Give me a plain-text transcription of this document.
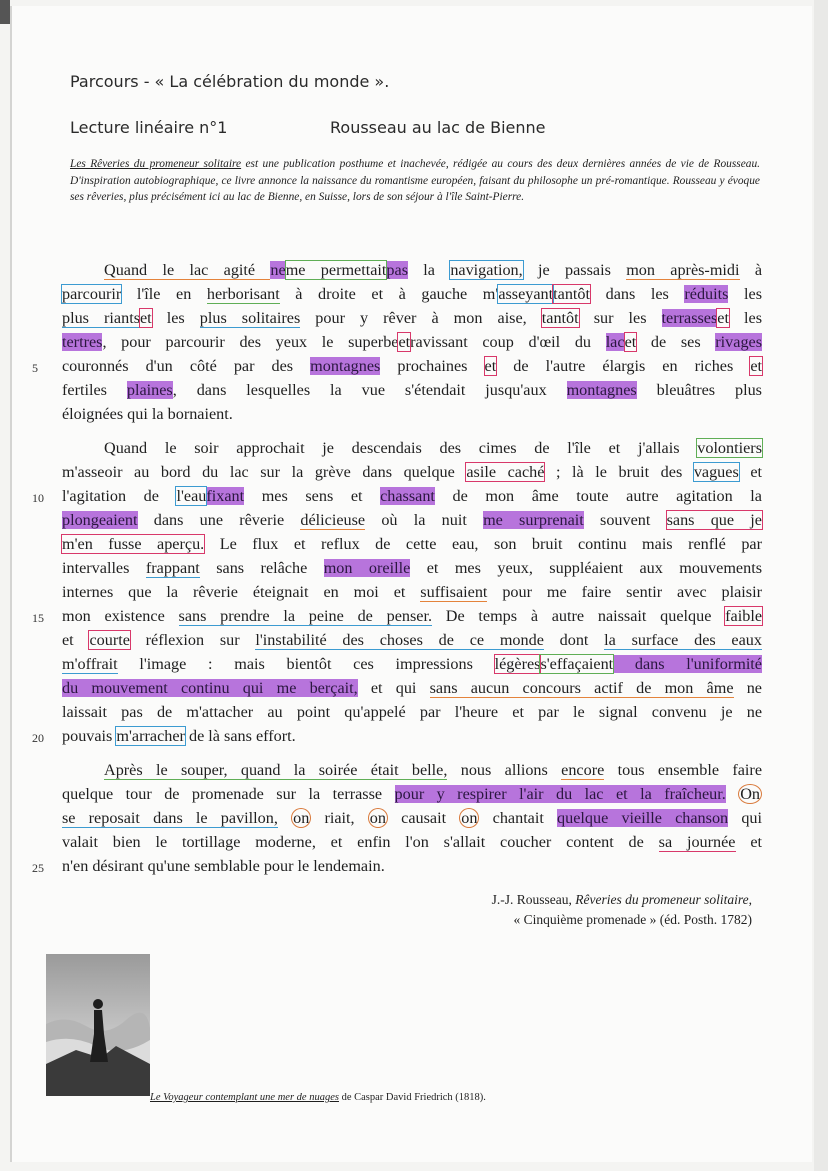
Parcours - « La célébration du monde ».
Lecture linéaire n°1	Rousseau au lac de Bienne
Les Rêveries du promeneur solitaire est une publication posthume et inachevée, rédigée au cours des deux dernières années de vie de Rousseau. D'inspiration autobiographique, ce livre annonce la naissance du romantisme européen, faisant du philosophe un pré-romantique. Rousseau y évoque ses rêveries, plus précisément ici au lac de Bienne, en Suisse, lors de son séjour à l'île Saint-Pierre.
Quand le lac agité neme permettaitpas la navigation, je passais mon après-midi à
parcourir l'île en herborisant à droite et à gauche m'asseyanttantôt dans les réduits les
plus riantset les plus solitaires pour y rêver à mon aise, tantôt sur les terrasseset les
tertres, pour parcourir des yeux le superbeetravissant coup d'œil du lacet de ses rivages
5 couronnés d'un côté par des montagnes prochaines et de l'autre élargis en riches et
fertiles plaines, dans lesquelles la vue s'étendait jusqu'aux montagnes bleuâtres plus
éloignées qui la bornaient.
Quand le soir approchait je descendais des cimes de l'île et j'allais volontiers
m'asseoir au bord du lac sur la grève dans quelque asile caché ; là le bruit des vagues et
10 l'agitation de l'eaufixant mes sens et chassant de mon âme toute autre agitation la
plongeaient dans une rêverie délicieuse où la nuit me surprenait souvent sans que je
m'en fusse aperçu. Le flux et reflux de cette eau, son bruit continu mais renflé par
intervalles frappant sans relâche mon oreille et mes yeux, suppléaient aux mouvements
internes que la rêverie éteignait en moi et suffisaient pour me faire sentir avec plaisir
15 mon existence sans prendre la peine de penser. De temps à autre naissait quelque faible
et courte réflexion sur l'instabilité des choses de ce monde dont la surface des eaux
m'offrait l'image : mais bientôt ces impressions légèress'effaçaient dans l'uniformité
du mouvement continu qui me berçait, et qui sans aucun concours actif de mon âme ne
laissait pas de m'attacher au point qu'appelé par l'heure et par le signal convenu je ne
20 pouvais m'arracher de là sans effort.
Après le souper, quand la soirée était belle, nous allions encore tous ensemble faire
quelque tour de promenade sur la terrasse pour y respirer l'air du lac et la fraîcheur. On
se reposait dans le pavillon, on riait, on causait on chantait quelque vieille chanson qui
valait bien le tortillage moderne, et enfin l'on s'allait coucher content de sa journée et
25 n'en désirant qu'une semblable pour le lendemain.
J.-J. Rousseau, Rêveries du promeneur solitaire,
« Cinquième promenade » (éd. Posth. 1782)
Le Voyageur contemplant une mer de nuages de Caspar David Friedrich (1818).
